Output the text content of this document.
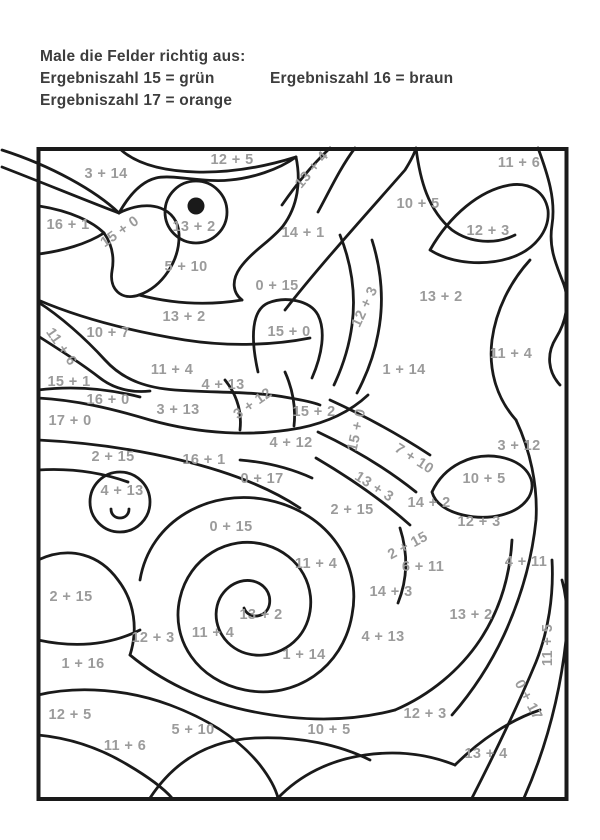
Male die Felder richtig aus:
Ergebniszahl 15 = grün	Ergebniszahl 16 = braun
Ergebniszahl 17 = orange
3 + 14
12 + 5	13 + 4	11 + 6
16 + 1 15 + 0 13 + 2	14 + 1
10 + 5
12 + 3
5 + 10
0 + 15	12 + 3	13 + 2
13 + 2
10 + 7	15 + 0
11 + 6
11 + 4	1 + 14
11 + 4
15 + 1	4 + 13
16 + 0
3 + 13 3 + 12 15 + 2
17 + 0	15 + 0
4 + 12	3 + 12
7 + 10
2 + 15	16 + 1
0 + 17	13 + 3	10 + 5
4 + 13
2 + 15 14 + 2
12 + 3
0 + 15
2 + 15
11 + 4	6 + 11	4 + 11
2 + 15	14 + 3
13 + 2
13 + 2
11 + 4
12 + 3	4 + 13
1 + 14
1 + 16	11 + 5
0 + 17
12 + 5	12 + 3
5 + 10	10 + 5
11 + 6	13 + 4
